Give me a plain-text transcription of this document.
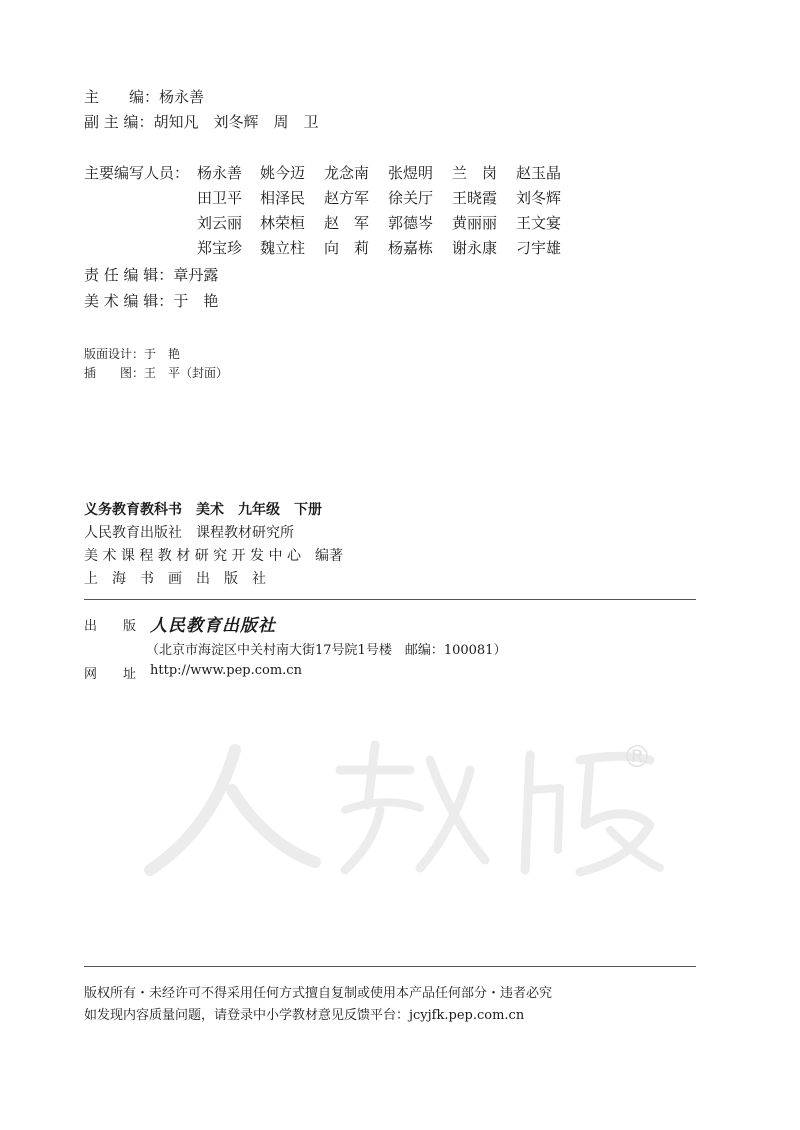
主　　编：杨永善
副 主 编：胡知凡　刘冬辉　周　卫
主要编写人员： 杨永善 姚今迈 龙念南 张煜明 兰　岗 赵玉晶
田卫平 相泽民 赵方军 徐关厅 王晓霞 刘冬辉
刘云丽 林荣桓 赵　军 郭德岑 黄丽丽 王文宴
郑宝珍 魏立柱 向　莉 杨嘉栋 谢永康 刁宇雄
责 任 编 辑：章丹露
美 术 编 辑：于　艳
版面设计：于　艳
插　　图：王　平（封面）
义务教育教科书　美术　九年级　下册
人民教育出版社　课程教材研究所
美 术 课 程 教 材 研 究 开 发 中 心　编著
上　海　书　画　出　版　社
出　　版 人民教育出版社
（北京市海淀区中关村南大街17号院1号楼　邮编：100081）
网　　址 http://www.pep.com.cn
®
版权所有・未经许可不得采用任何方式擅自复制或使用本产品任何部分・违者必究
如发现内容质量问题，请登录中小学教材意见反馈平台：jcyjfk.pep.com.cn
